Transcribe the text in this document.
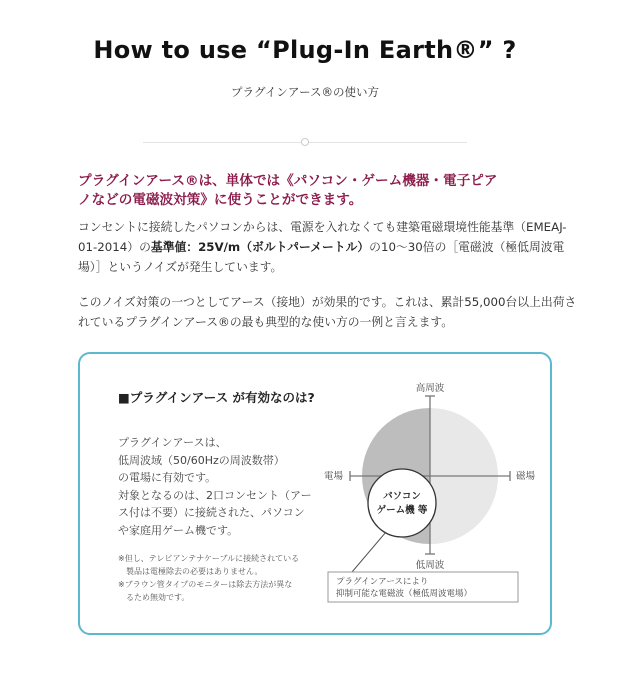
How to use “Plug-In Earth®” ?
プラグインアース®の使い方
プラグインアース®は、単体では《パソコン・ゲーム機器・電子ピア
ノなどの電磁波対策》に使うことができます。
コンセントに接続したパソコンからは、電源を入れなくても建築電磁環境性能基準（EMEAJ-01-2014）の基準値：25V/m（ボルトパーメートル）の10～30倍の［電磁波（極低周波電場）］というノイズが発生しています。
このノイズ対策の一つとしてアース（接地）が効果的です。これは、累計55,000台以上出荷されているプラグインアース®の最も典型的な使い方の一例と言えます。
■プラグインアース が有効なのは?
プラグインアースは、
低周波域（50/60Hzの周波数帯）
の電場に有効です。
対象となるのは、2口コンセント（アー
ス付は不要）に接続された、パソコン
や家庭用ゲーム機です。

※但し、テレビアンテナケーブルに接続されている

　製品は電極除去の必要はありません。

※ブラウン管タイプのモニターは除去方法が異な

　るため無効です。

高周波
低周波
電場	磁場
パソコン
ゲーム機 等
プラグインアースにより
抑制可能な電磁波（極低周波電場）
